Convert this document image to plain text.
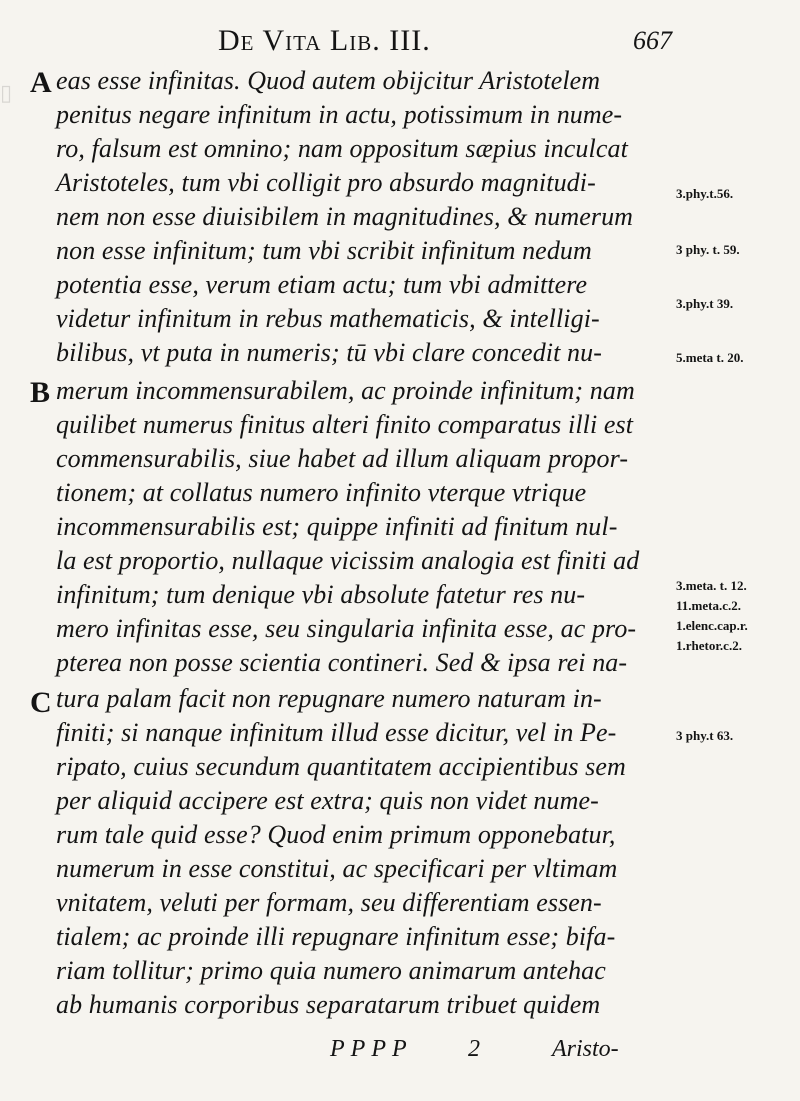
▯
De Vita Lib. III.	667
A
B
C
eas esse infinitas. Quod autem obijcitur Aristotelem
penitus negare infinitum in actu, potissimum in nume-
ro, falsum est omnino; nam oppositum sæpius inculcat
Aristoteles, tum vbi colligit pro absurdo magnitudi-
nem non esse diuisibilem in magnitudines, & numerum
non esse infinitum; tum vbi scribit infinitum nedum
potentia esse, verum etiam actu; tum vbi admittere
videtur infinitum in rebus mathematicis, & intelligi-
bilibus, vt puta in numeris; tū vbi clare concedit nu-
merum incommensurabilem, ac proinde infinitum; nam
quilibet numerus finitus alteri finito comparatus illi est
commensurabilis, siue habet ad illum aliquam propor-
tionem; at collatus numero infinito vterque vtrique
incommensurabilis est; quippe infiniti ad finitum nul-
la est proportio, nullaque vicissim analogia est finiti ad
infinitum; tum denique vbi absolute fatetur res nu-
mero infinitas esse, seu singularia infinita esse, ac pro-
pterea non posse scientia contineri. Sed & ipsa rei na-
tura palam facit non repugnare numero naturam in-
finiti; si nanque infinitum illud esse dicitur, vel in Pe-
ripato, cuius secundum quantitatem accipientibus sem
per aliquid accipere est extra; quis non videt nume-
rum tale quid esse? Quod enim primum opponebatur,
numerum in esse constitui, ac specificari per vltimam
vnitatem, veluti per formam, seu differentiam essen-
tialem; ac proinde illi repugnare infinitum esse; bifa-
riam tollitur; primo quia numero animarum antehac
ab humanis corporibus separatarum tribuet quidem
3.phy.t.56.
3 phy. t. 59.
3.phy.t 39.
5.meta t. 20.
3.meta. t. 12.
11.meta.c.2.
1.elenc.cap.r.
1.rhetor.c.2.
3 phy.t 63.
PPPP 2	Aristo-
